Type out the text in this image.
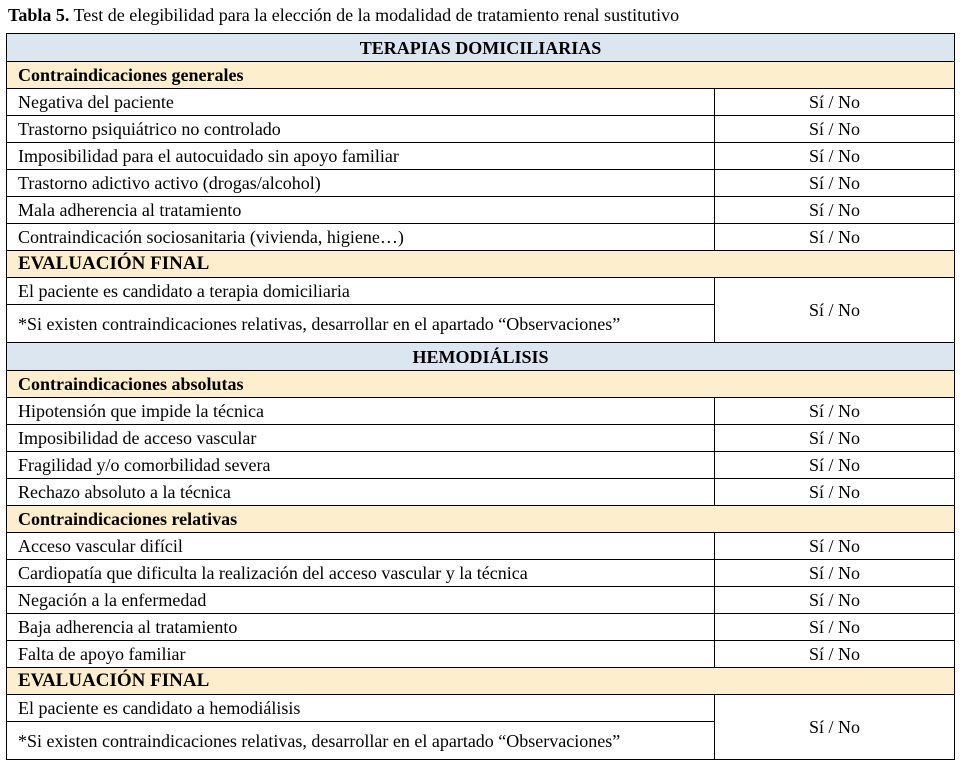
Tabla 5. Test de elegibilidad para la elección de la modalidad de tratamiento renal sustitutivo
TERAPIAS DOMICILIARIAS	
Contraindicaciones generales	
Negativa del paciente	Sí / No
Trastorno psiquiátrico no controlado	Sí / No
Imposibilidad para el autocuidado sin apoyo familiar	Sí / No
Trastorno adictivo activo (drogas/alcohol)	Sí / No
Mala adherencia al tratamiento	Sí / No
Contraindicación sociosanitaria (vivienda, higiene…)	Sí / No
EVALUACIÓN FINAL	
El paciente es candidato a terapia domiciliaria	Sí / No
*Si existen contraindicaciones relativas, desarrollar en el apartado “Observaciones”	
HEMODIÁLISIS	
Contraindicaciones absolutas	
Hipotensión que impide la técnica	Sí / No
Imposibilidad de acceso vascular	Sí / No
Fragilidad y/o comorbilidad severa	Sí / No
Rechazo absoluto a la técnica	Sí / No
Contraindicaciones relativas	
Acceso vascular difícil	Sí / No
Cardiopatía que dificulta la realización del acceso vascular y la técnica	Sí / No
Negación a la enfermedad	Sí / No
Baja adherencia al tratamiento	Sí / No
Falta de apoyo familiar	Sí / No
EVALUACIÓN FINAL	
El paciente es candidato a hemodiálisis	Sí / No
*Si existen contraindicaciones relativas, desarrollar en el apartado “Observaciones”	
